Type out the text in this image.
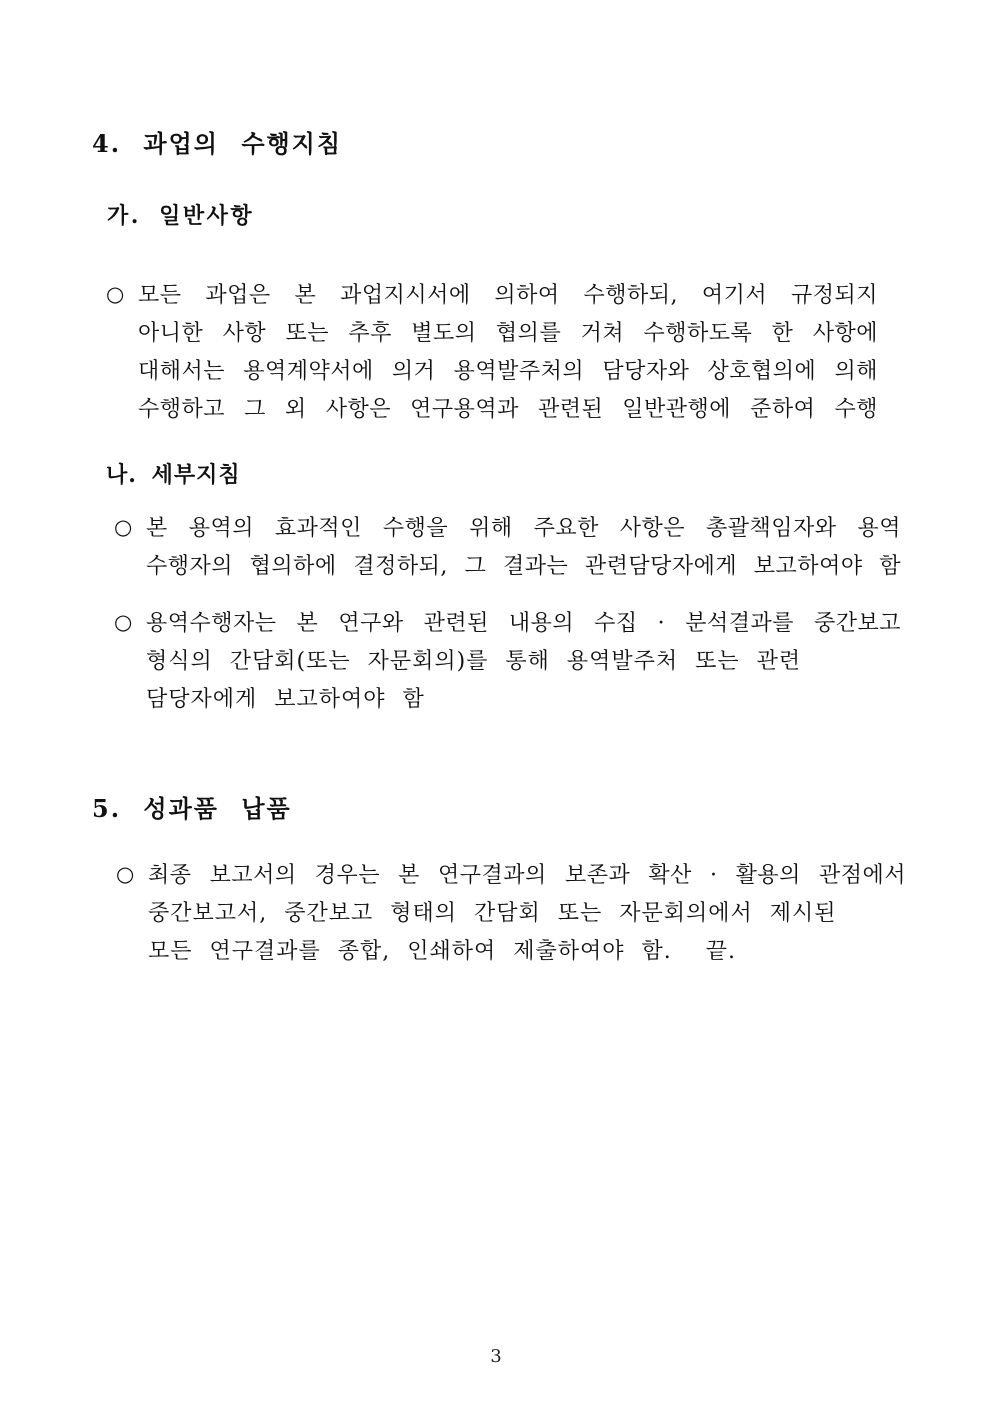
4. 과업의 수행지침
가. 일반사항
○ 모든 과업은 본 과업지시서에 의하여 수행하되, 여기서 규정되지
아니한 사항 또는 추후 별도의 협의를 거쳐 수행하도록 한 사항에
대해서는 용역계약서에 의거 용역발주처의 담당자와 상호협의에 의해
수행하고 그 외 사항은 연구용역과 관련된 일반관행에 준하여 수행
나. 세부지침
○ 본 용역의 효과적인 수행을 위해 주요한 사항은 총괄책임자와 용역
수행자의 협의하에 결정하되, 그 결과는 관련담당자에게 보고하여야 함
○ 용역수행자는 본 연구와 관련된 내용의 수집 · 분석결과를 중간보고
형식의 간담회(또는 자문회의)를 통해 용역발주처 또는 관련
담당자에게 보고하여야 함
5. 성과품 납품
○ 최종 보고서의 경우는 본 연구결과의 보존과 확산 · 활용의 관점에서
중간보고서, 중간보고 형태의 간담회 또는 자문회의에서 제시된
모든 연구결과를 종합, 인쇄하여 제출하여야 함.  끝.
3
